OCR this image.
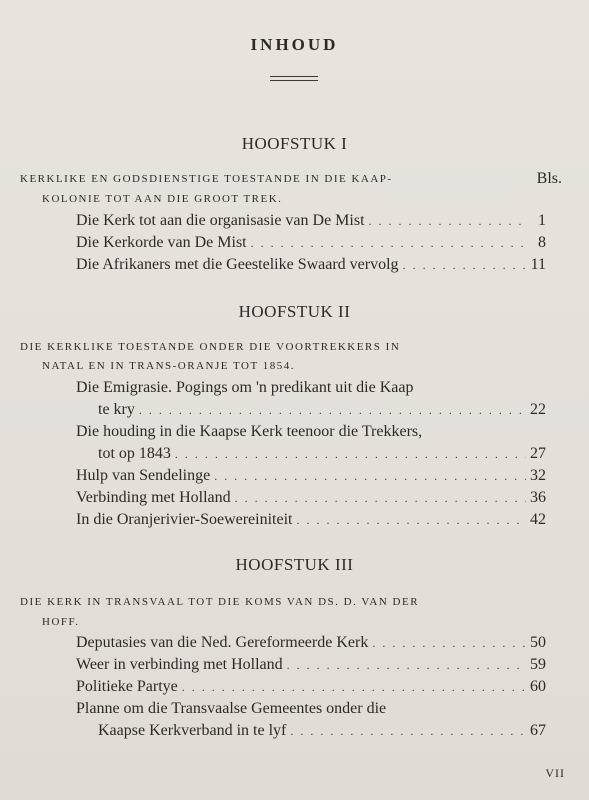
INHOUD
HOOFSTUK I
KERKLIKE EN GODSDIENSTIGE TOESTANDE IN DIE KAAP-	Bls.
KOLONIE TOT AAN DIE GROOT TREK.
Die Kerk tot aan die organisasie van De Mist . . .	1
Die Kerkorde van De Mist . . .	8
Die Afrikaners met die Geestelike Swaard vervolg . . .	11
HOOFSTUK II
DIE KERKLIKE TOESTANDE ONDER DIE VOORTREKKERS IN
NATAL EN IN TRANS-ORANJE TOT 1854.
Die Emigrasie. Pogings om 'n predikant uit die Kaap
te kry . . .	22
Die houding in die Kaapse Kerk teenoor die Trekkers,
tot op 1843 . . .	27
Hulp van Sendelinge . . .	32
Verbinding met Holland . . .	36
In die Oranjerivier-Soewereiniteit . . .	42
HOOFSTUK III
DIE KERK IN TRANSVAAL TOT DIE KOMS VAN DS. D. VAN DER
HOFF.
Deputasies van die Ned. Gereformeerde Kerk . . .	50
Weer in verbinding met Holland . . .	59
Politieke Partye . . .	60
Planne om die Transvaalse Gemeentes onder die
Kaapse Kerkverband in te lyf . . .	67
VII
